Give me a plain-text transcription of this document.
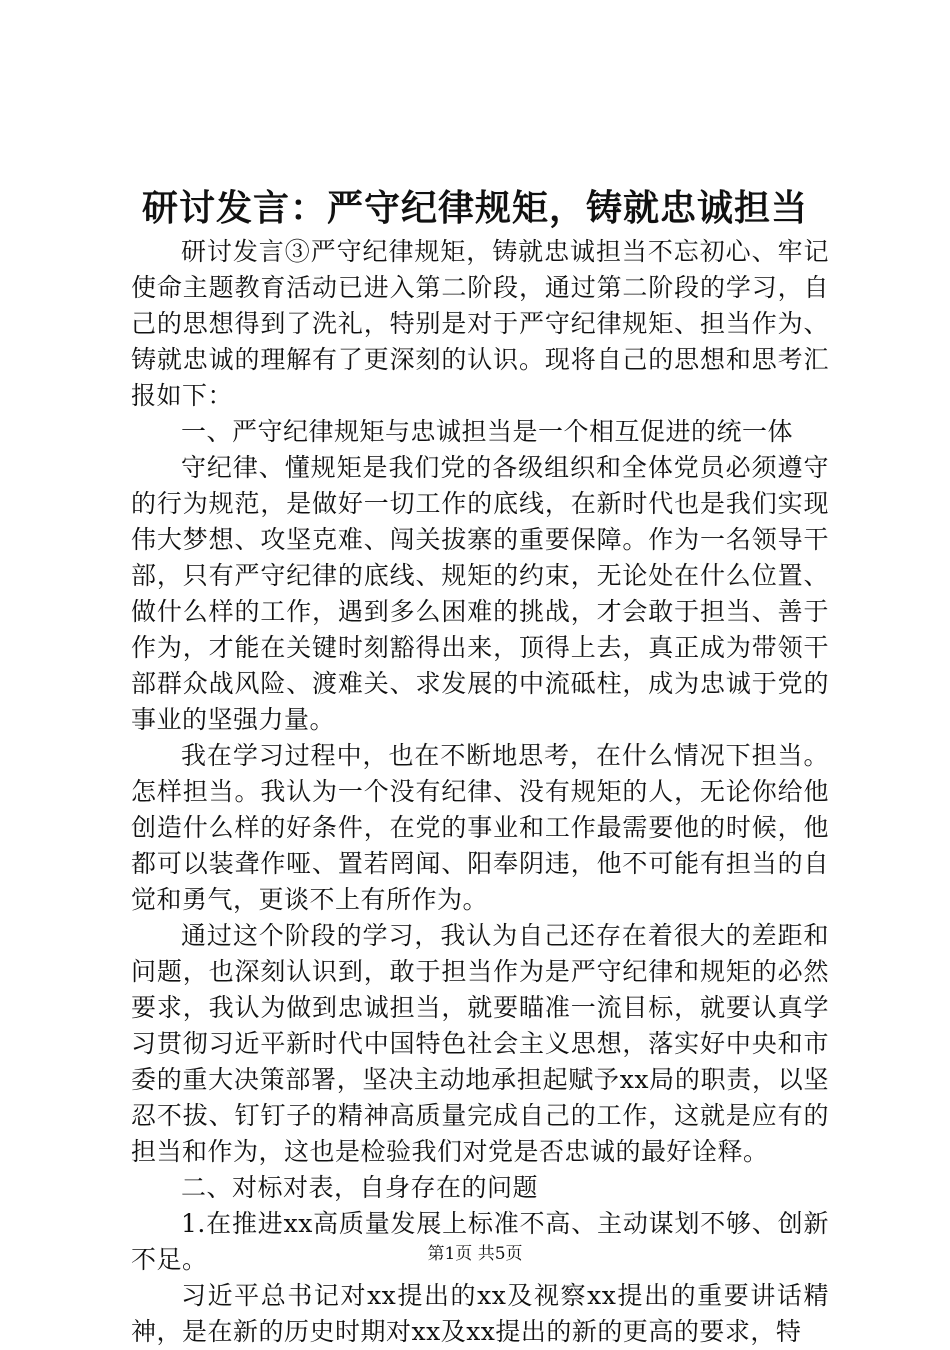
研讨发言：严守纪律规矩，铸就忠诚担当

研讨发言③严守纪律规矩，铸就忠诚担当不忘初心、牢记使命主题教育活动已进入第二阶段，通过第二阶段的学习，自己的思想得到了洗礼，特别是对于严守纪律规矩、担当作为、铸就忠诚的理解有了更深刻的认识。现将自己的思想和思考汇报如下：

一、严守纪律规矩与忠诚担当是一个相互促进的统一体

守纪律、懂规矩是我们党的各级组织和全体党员必须遵守的行为规范，是做好一切工作的底线，在新时代也是我们实现伟大梦想、攻坚克难、闯关拔寨的重要保障。作为一名领导干部，只有严守纪律的底线、规矩的约束，无论处在什么位置、做什么样的工作，遇到多么困难的挑战，才会敢于担当、善于作为，才能在关键时刻豁得出来，顶得上去，真正成为带领干部群众战风险、渡难关、求发展的中流砥柱，成为忠诚于党的事业的坚强力量。

我在学习过程中，也在不断地思考，在什么情况下担当。怎样担当。我认为一个没有纪律、没有规矩的人，无论你给他创造什么样的好条件，在党的事业和工作最需要他的时候，他都可以装聋作哑、置若罔闻、阳奉阴违，他不可能有担当的自觉和勇气，更谈不上有所作为。

通过这个阶段的学习，我认为自己还存在着很大的差距和问题，也深刻认识到，敢于担当作为是严守纪律和规矩的必然要求，我认为做到忠诚担当，就要瞄准一流目标，就要认真学习贯彻习近平新时代中国特色社会主义思想，落实好中央和市委的重大决策部署，坚决主动地承担起赋予xx局的职责，以坚忍不拔、钉钉子的精神高质量完成自己的工作，这就是应有的担当和作为，这也是检验我们对党是否忠诚的最好诠释。

二、对标对表，自身存在的问题

1.在推进xx高质量发展上标准不高、主动谋划不够、创新不足。

习近平总书记对xx提出的xx及视察xx提出的重要讲话精神，是在新的历史时期对xx及xx提出的新的更高的要求，特

第1页 共5页
